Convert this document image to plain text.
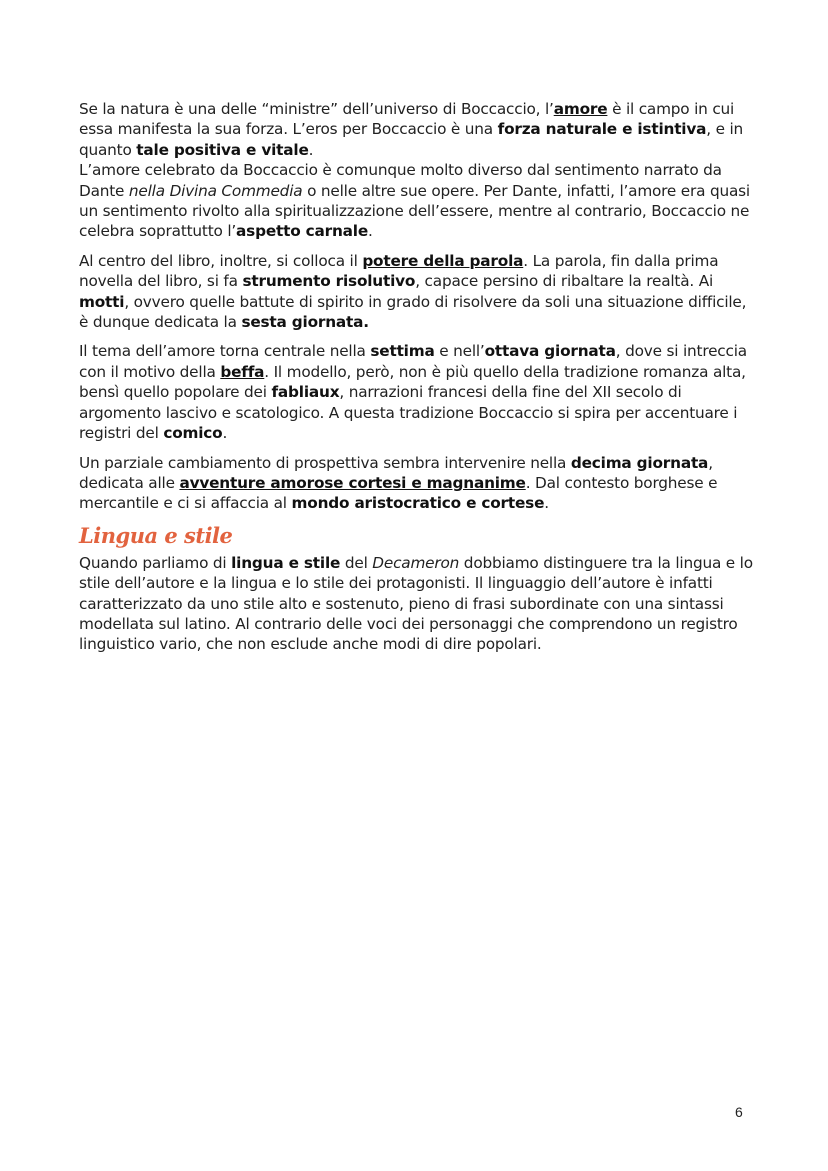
Se la natura è una delle “ministre” dell’universo di Boccaccio, l’amore è il campo in cui essa manifesta la sua forza. L’eros per Boccaccio è una forza naturale e istintiva, e in quanto tale positiva e vitale.
L’amore celebrato da Boccaccio è comunque molto diverso dal sentimento narrato da Dante nella Divina Commedia o nelle altre sue opere. Per Dante, infatti, l’amore era quasi un sentimento rivolto alla spiritualizzazione dell’essere, mentre al contrario, Boccaccio ne celebra soprattutto l’aspetto carnale.

Al centro del libro, inoltre, si colloca il potere della parola. La parola, fin dalla prima novella del libro, si fa strumento risolutivo, capace persino di ribaltare la realtà. Ai motti, ovvero quelle battute di spirito in grado di risolvere da soli una situazione difficile, è dunque dedicata la sesta giornata.

Il tema dell’amore torna centrale nella settima e nell’ottava giornata, dove si intreccia con il motivo della beffa. Il modello, però, non è più quello della tradizione romanza alta, bensì quello popolare dei fabliaux, narrazioni francesi della fine del XII secolo di argomento lascivo e scatologico. A questa tradizione Boccaccio si spira per accentuare i registri del comico.

Un parziale cambiamento di prospettiva sembra intervenire nella decima giornata, dedicata alle avventure amorose cortesi e magnanime. Dal contesto borghese e mercantile e ci si affaccia al mondo aristocratico e cortese.

Lingua e stile

Quando parliamo di lingua e stile del Decameron dobbiamo distinguere tra la lingua e lo stile dell’autore e la lingua e lo stile dei protagonisti. Il linguaggio dell’autore è infatti caratterizzato da uno stile alto e sostenuto, pieno di frasi subordinate con una sintassi modellata sul latino. Al contrario delle voci dei personaggi che comprendono un registro linguistico vario, che non esclude anche modi di dire popolari.

6
